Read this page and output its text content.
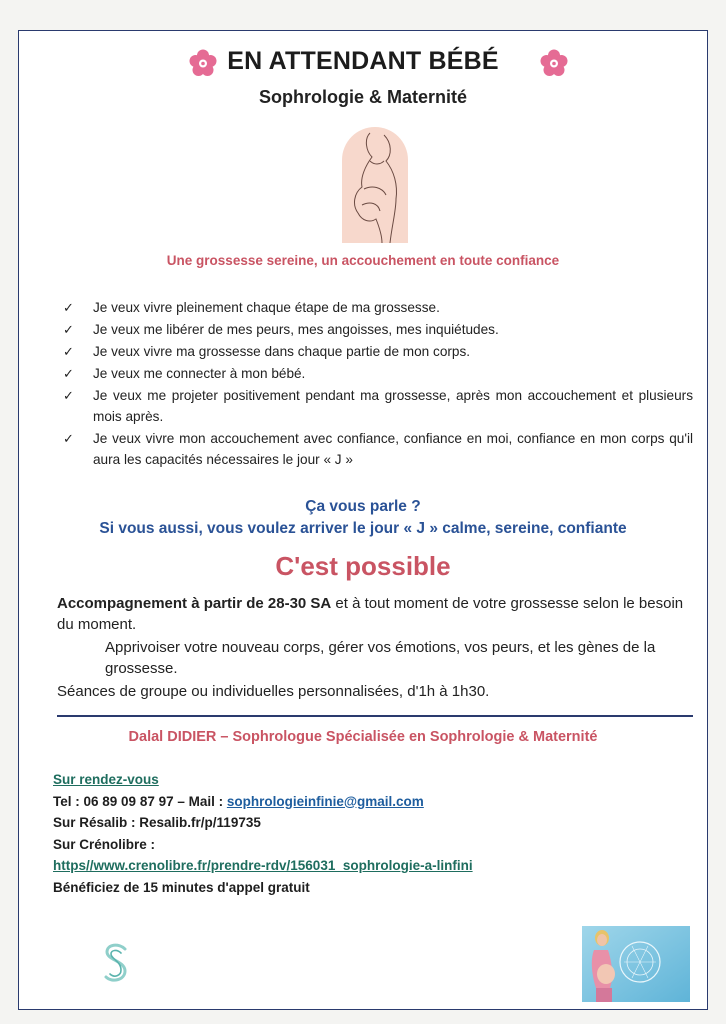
EN ATTENDANT BÉBÉ
Sophrologie & Maternité
Une grossesse sereine, un accouchement en toute confiance
✓ Je veux vivre pleinement chaque étape de ma grossesse.
✓ Je veux me libérer de mes peurs, mes angoisses, mes inquiétudes.
✓ Je veux vivre ma grossesse dans chaque partie de mon corps.
✓ Je veux me connecter à mon bébé.
✓ Je veux me projeter positivement pendant ma grossesse, après mon accouchement et plusieurs mois après.
✓ Je veux vivre mon accouchement avec confiance, confiance en moi, confiance en mon corps qu'il aura les capacités nécessaires le jour « J »
Ça vous parle ?
Si vous aussi, vous voulez arriver le jour « J » calme, sereine, confiante
C'est possible
Accompagnement à partir de 28-30 SA et à tout moment de votre grossesse selon le besoin du moment.
Apprivoiser votre nouveau corps, gérer vos émotions, vos peurs, et les gènes de la grossesse.
Séances de groupe ou individuelles personnalisées, d'1h à 1h30.
Dalal DIDIER – Sophrologue Spécialisée en Sophrologie & Maternité
Sur rendez-vous
Tel : 06 89 09 87 97 – Mail : sophrologieinfinie@gmail.com
Sur Résalib : Resalib.fr/p/119735
Sur Crénolibre :
https//www.crenolibre.fr/prendre-rdv/156031_sophrologie-a-linfini
Bénéficiez de 15 minutes d'appel gratuit
